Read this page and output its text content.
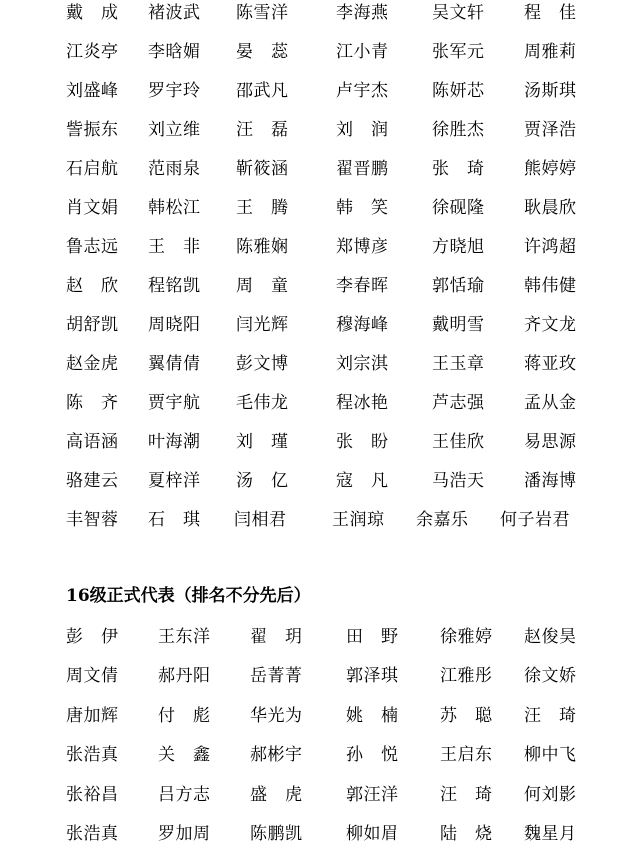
戴　成 褚波武 陈雪洋	李海燕	吴文轩 程　佳
江炎亭 李晗媚 晏　蕊	江小青	张军元 周雅莉
刘盛峰 罗宇玲 邵武凡	卢宇杰	陈妍芯 汤斯琪
訾振东 刘立维 汪　磊	刘　润	徐胜杰 贾泽浩
石启航 范雨泉 靳筱涵	翟晋鹏	张　琦 熊婷婷
肖文娟 韩松江 王　腾	韩　笑	徐砚隆 耿晨欣
鲁志远 王　非 陈雅娴	郑博彦	方晓旭 许鸿超
赵　欣 程铭凯 周　童	李春晖	郭恬瑜 韩伟健
胡舒凯 周晓阳 闫光辉	穆海峰	戴明雪 齐文龙
赵金虎 翼倩倩 彭文博	刘宗淇	王玉章 蒋亚玫
陈　齐 贾宇航 毛伟龙	程冰艳	芦志强 孟从金
高语涵 叶海潮 刘　瑾	张　盼	王佳欣 易思源
骆建云 夏梓洋 汤　亿	寇　凡	马浩天 潘海博
丰智蓉 石　琪 闫相君	王润琼 余嘉乐 何子岩君
16级正式代表（排名不分先后）
彭　伊 王东洋 翟　玥	田　野 徐雅婷 赵俊昊
周文倩 郝丹阳 岳菁菁	郭泽琪 江雅彤 徐文娇
唐加辉 付　彪 华光为	姚　楠 苏　聪 汪　琦
张浩真 关　鑫 郝彬宇	孙　悦 王启东 柳中飞
张裕昌 吕方志 盛　虎	郭汪洋 汪　琦 何刘影
张浩真 罗加周 陈鹏凯	柳如眉 陆　烧 魏星月
